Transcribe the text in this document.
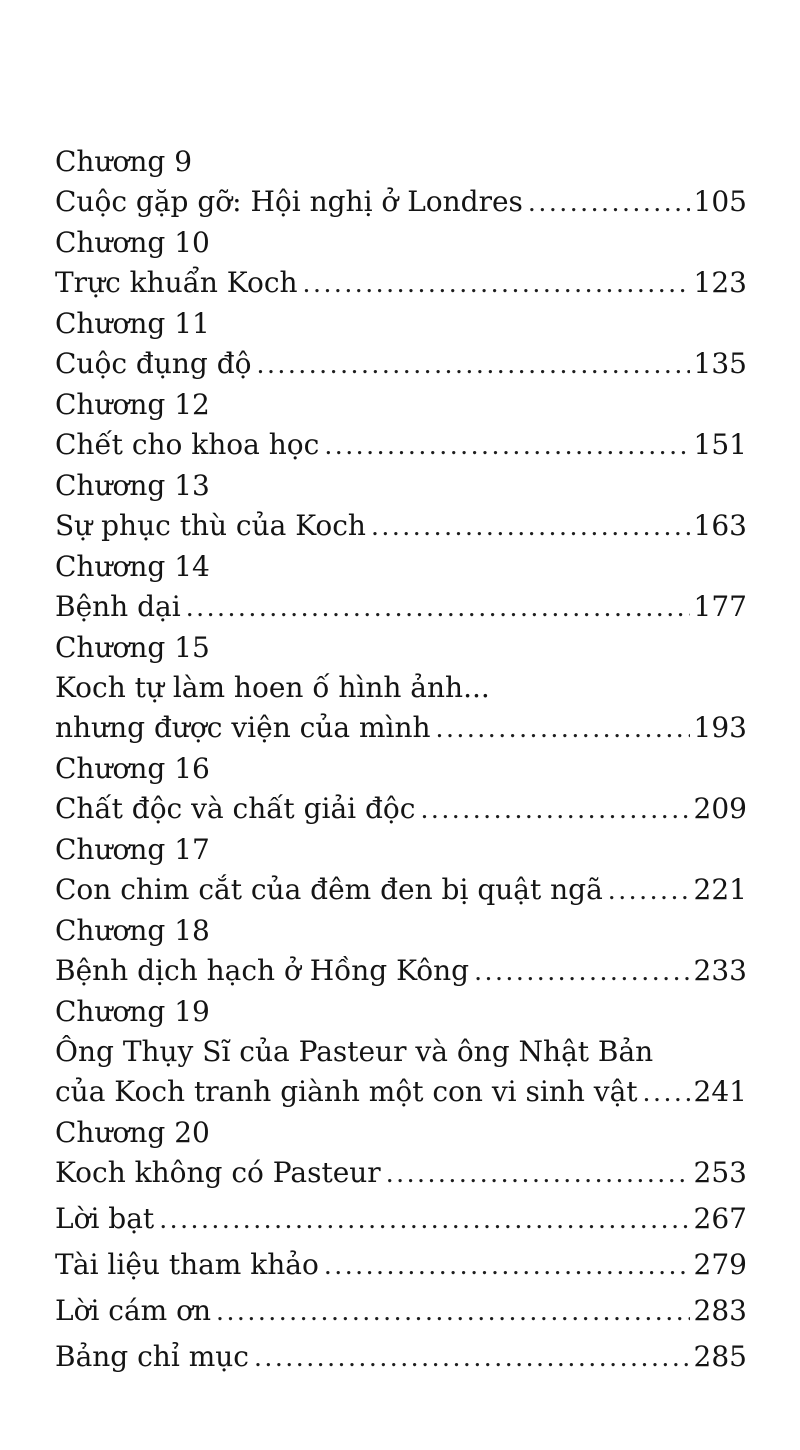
Chương 9
Cuộc gặp gỡ: Hội nghị ở Londres .....	105
Chương 10
Trực khuẩn Koch .....	123
Chương 11
Cuộc đụng độ .....	135
Chương 12
Chết cho khoa học .....	151
Chương 13
Sự phục thù của Koch .....	163
Chương 14
Bệnh dại .....	177
Chương 15
Koch tự làm hoen ố hình ảnh...
nhưng được viện của mình .....	193
Chương 16
Chất độc và chất giải độc .....	209
Chương 17
Con chim cắt của đêm đen bị quật ngã .....	221
Chương 18
Bệnh dịch hạch ở Hồng Kông .....	233
Chương 19
Ông Thụy Sĩ của Pasteur và ông Nhật Bản
của Koch tranh giành một con vi sinh vật ..... 241
Chương 20
Koch không có Pasteur .....	253
Lời bạt .....	267
Tài liệu tham khảo .....	279
Lời cám ơn .....	283
Bảng chỉ mục .....	285
